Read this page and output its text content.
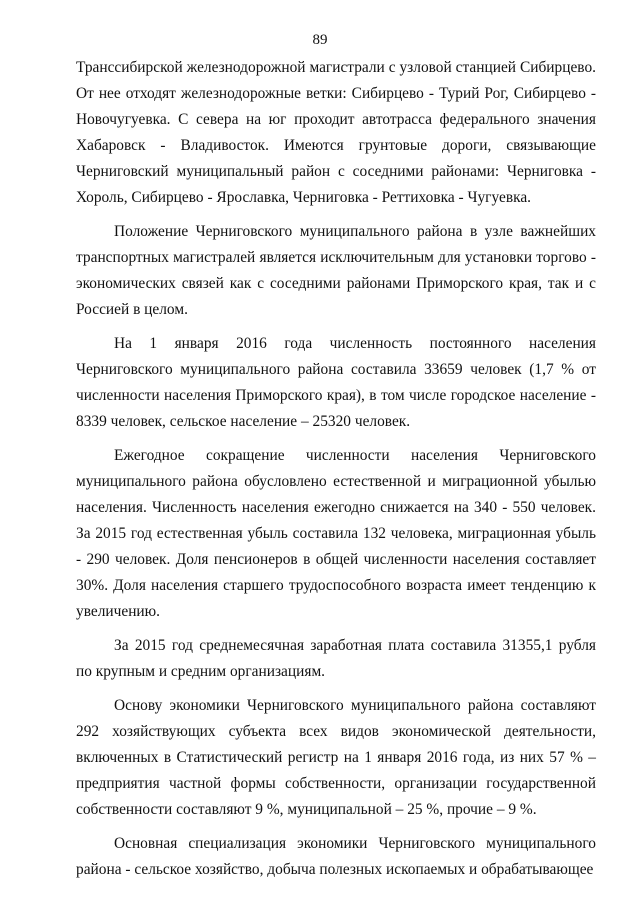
89

Транссибирской железнодорожной магистрали с узловой станцией Сибирцево. От нее отходят железнодорожные ветки: Сибирцево - Турий Рог, Сибирцево - Новочугуевка. С севера на юг проходит автотрасса федерального значения Хабаровск - Владивосток. Имеются грунтовые дороги, связывающие Черниговский муниципальный район с соседними районами: Черниговка - Хороль, Сибирцево - Ярославка, Черниговка - Реттиховка - Чугуевка.

Положение Черниговского муниципального района в узле важнейших транспортных магистралей является исключительным для установки торгово - экономических связей как с соседними районами Приморского края, так и с Россией в целом.

На 1 января 2016 года численность постоянного населения Черниговского муниципального района составила 33659 человек (1,7 % от численности населения Приморского края), в том числе городское население - 8339 человек, сельское население – 25320 человек.

Ежегодное сокращение численности населения Черниговского муниципального района обусловлено естественной и миграционной убылью населения. Численность населения ежегодно снижается на 340 - 550 человек. За 2015 год естественная убыль составила 132 человека, миграционная убыль - 290 человек. Доля пенсионеров в общей численности населения составляет 30%. Доля населения старшего трудоспособного возраста имеет тенденцию к увеличению.

За 2015 год среднемесячная заработная плата составила 31355,1 рубля по крупным и средним организациям.

Основу экономики Черниговского муниципального района составляют 292 хозяйствующих субъекта всех видов экономической деятельности, включенных в Статистический регистр на 1 января 2016 года, из них 57 % – предприятия частной формы собственности, организации государственной собственности составляют 9 %, муниципальной – 25 %, прочие – 9 %.

Основная специализация экономики Черниговского муниципального района - сельское хозяйство, добыча полезных ископаемых и обрабатывающее
